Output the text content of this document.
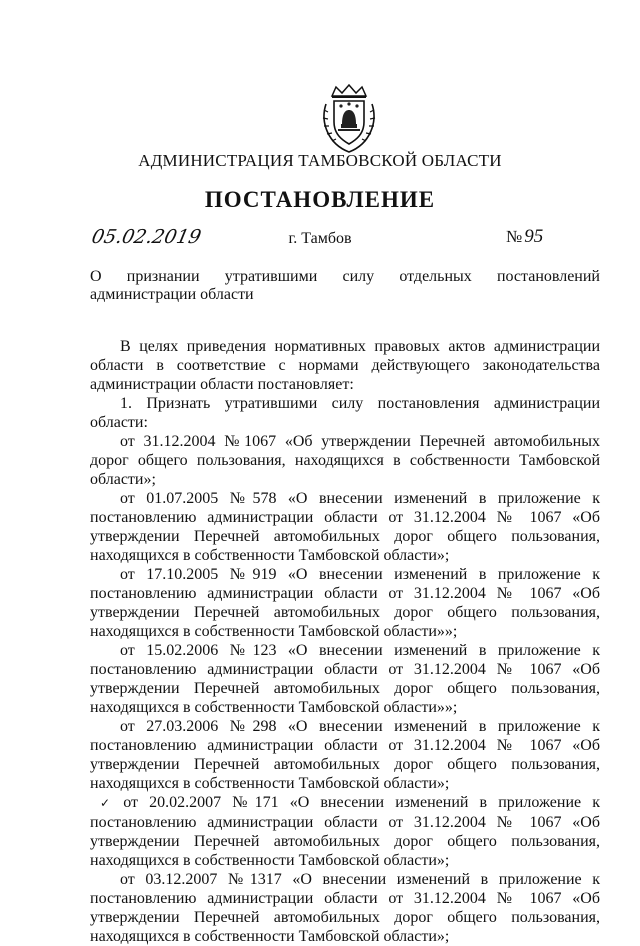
АДМИНИСТРАЦИЯ ТАМБОВСКОЙ ОБЛАСТИ
ПОСТАНОВЛЕНИЕ
05.02.2019	г. Тамбов	№ 95
О признании утратившими силу отдельных постановлений администрации области

В целях приведения нормативных правовых актов администрации области в соответствие с нормами действующего законодательства администрации области постановляет:

1. Признать утратившими силу постановления администрации области:

от 31.12.2004 №1067 «Об утверждении Перечней автомобильных дорог общего пользования, находящихся в собственности Тамбовской области»;

от 01.07.2005 №578 «О внесении изменений в приложение к постановлению администрации области от 31.12.2004 № 1067 «Об утверждении Перечней автомобильных дорог общего пользования, находящихся в собственности Тамбовской области»;

от 17.10.2005 №919 «О внесении изменений в приложение к постановлению администрации области от 31.12.2004 № 1067 «Об утверждении Перечней автомобильных дорог общего пользования, находящихся в собственности Тамбовской области»»;

от 15.02.2006 №123 «О внесении изменений в приложение к постановлению администрации области от 31.12.2004 № 1067 «Об утверждении Перечней автомобильных дорог общего пользования, находящихся в собственности Тамбовской области»»;

от 27.03.2006 №298 «О внесении изменений в приложение к постановлению администрации области от 31.12.2004 № 1067 «Об утверждении Перечней автомобильных дорог общего пользования, находящихся в собственности Тамбовской области»;

✓ от 20.02.2007 №171 «О внесении изменений в приложение к постановлению администрации области от 31.12.2004 № 1067 «Об утверждении Перечней автомобильных дорог общего пользования, находящихся в собственности Тамбовской области»;

от 03.12.2007 №1317 «О внесении изменений в приложение к постановлению администрации области от 31.12.2004 № 1067 «Об утверждении Перечней автомобильных дорог общего пользования, находящихся в собственности Тамбовской области»;
